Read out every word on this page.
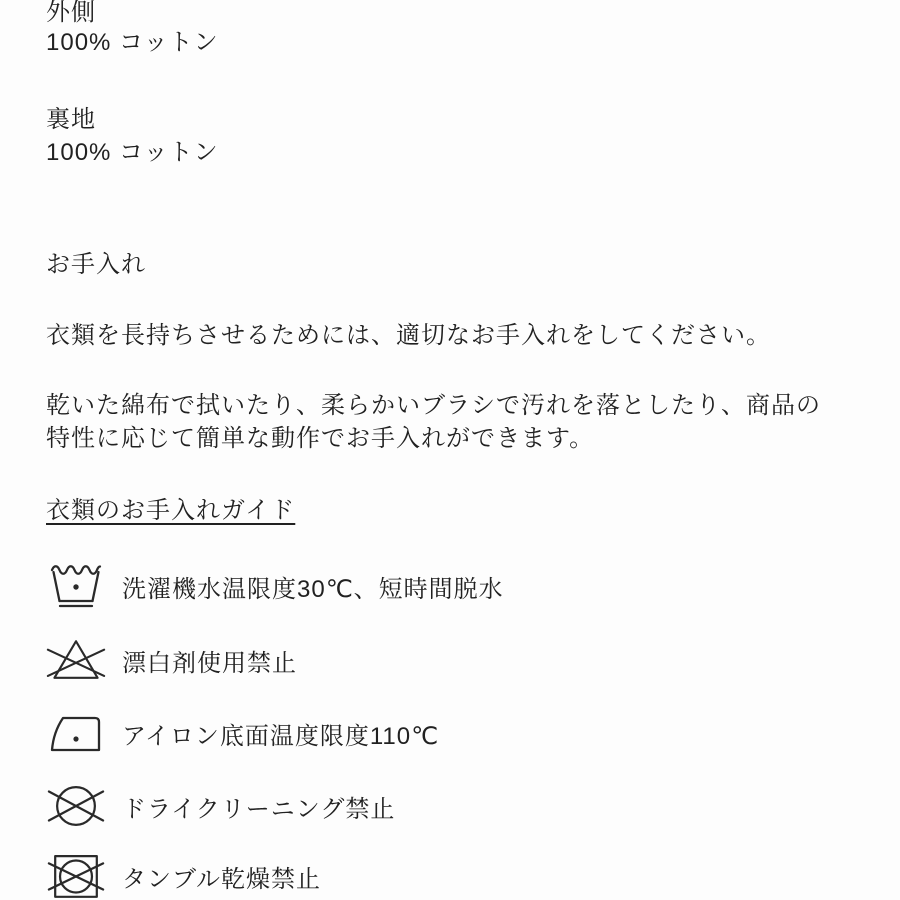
外側
100% コットン
裏地
100% コットン
お手入れ
衣類を長持ちさせるためには、適切なお手入れをしてください。
乾いた綿布で拭いたり、柔らかいブラシで汚れを落としたり、商品の
特性に応じて簡単な動作でお手入れができます。
衣類のお手入れガイド
洗濯機水温限度30℃、短時間脱水
漂白剤使用禁止
アイロン底面温度限度110℃
ドライクリーニング禁止
タンブル乾燥禁止
